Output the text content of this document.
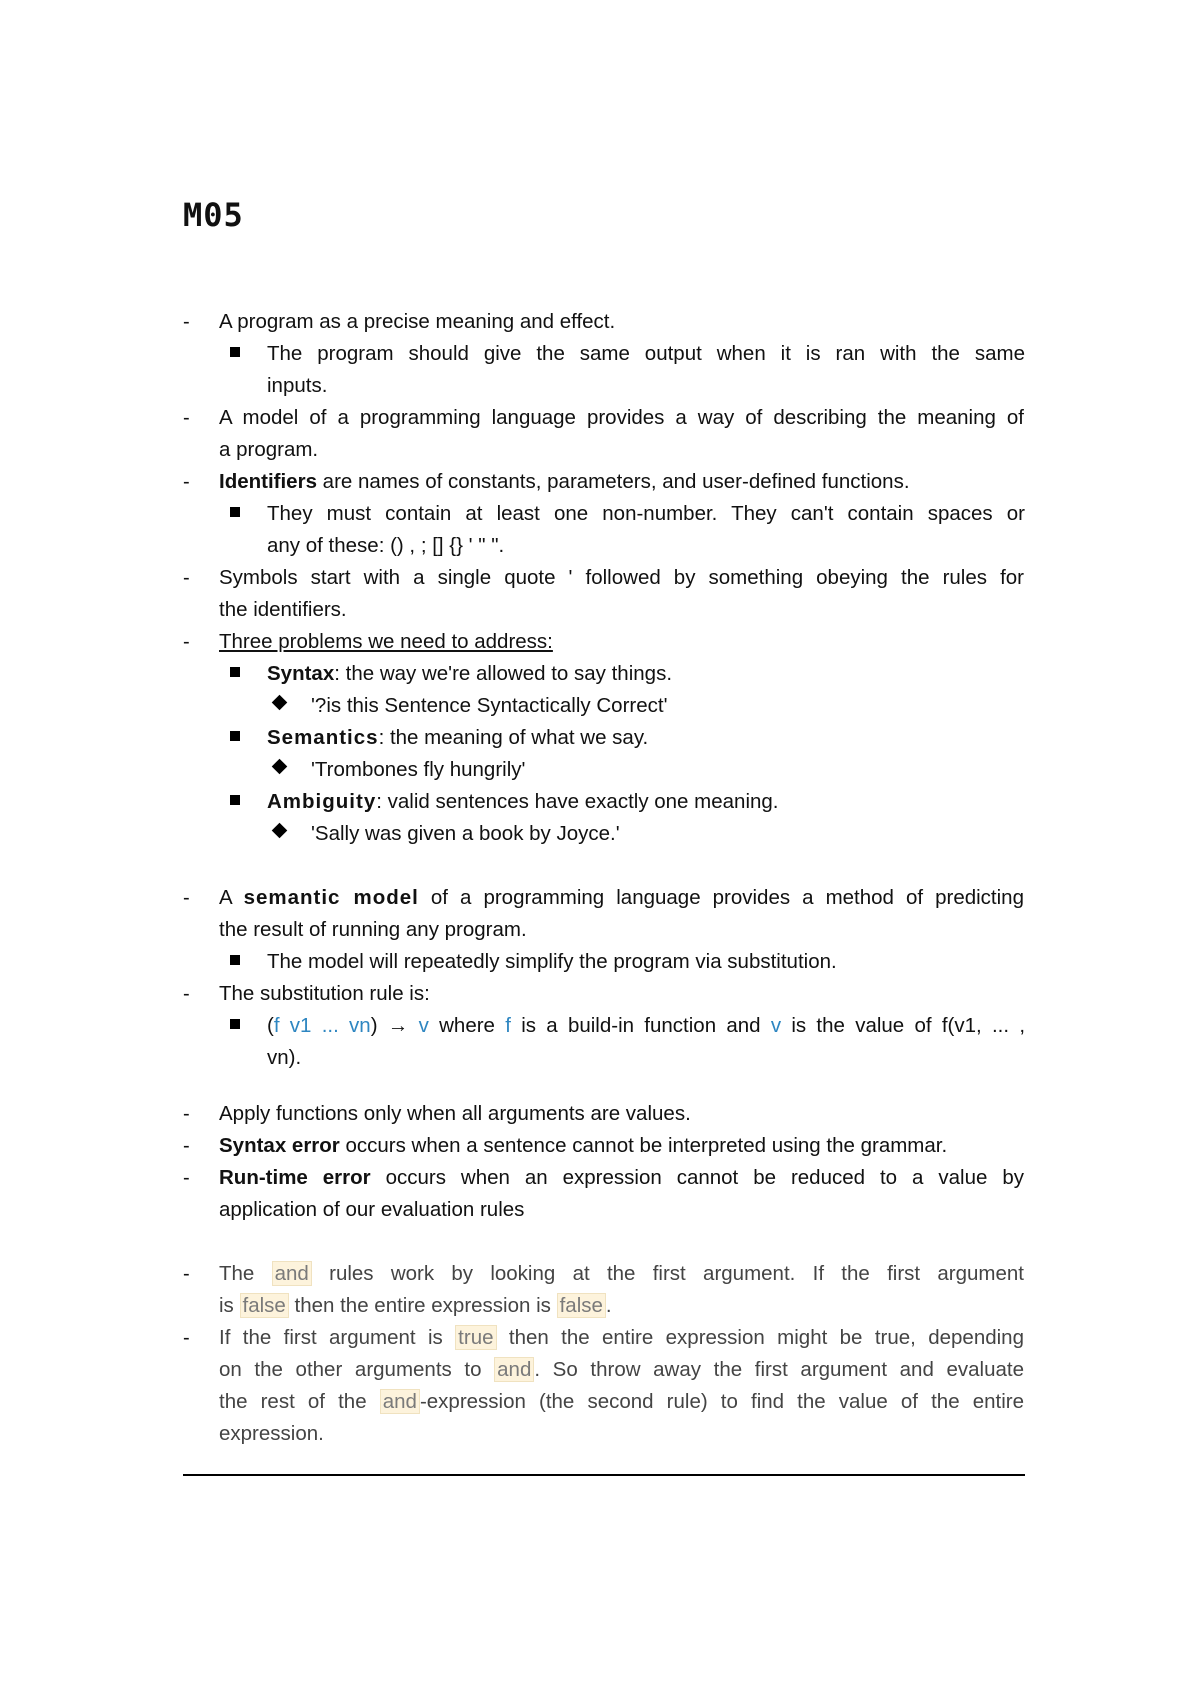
M05
- A program as a precise meaning and effect.
The program should give the same output when it is ran with the same
inputs.
- A model of a programming language provides a way of describing the meaning of
a program.
- Identifiers are names of constants, parameters, and user-defined functions.
They must contain at least one non-number. They can't contain spaces or
any of these: () , ; [] {} ' " ".
- Symbols start with a single quote ' followed by something obeying the rules for
the identifiers.
- Three problems we need to address:
Syntax: the way we're allowed to say things.
'?is this Sentence Syntactically Correct'
Semantics: the meaning of what we say.
'Trombones fly hungrily'
Ambiguity: valid sentences have exactly one meaning.
'Sally was given a book by Joyce.'
- A semantic model of a programming language provides a method of predicting
the result of running any program.
The model will repeatedly simplify the program via substitution.
- The substitution rule is:
(f v1 ... vn) → v where f is a build-in function and v is the value of f(v1, ... ,
vn).
- Apply functions only when all arguments are values.
- Syntax error occurs when a sentence cannot be interpreted using the grammar.
- Run-time error occurs when an expression cannot be reduced to a value by
application of our evaluation rules
- The and rules work by looking at the first argument. If the first argument
is false then the entire expression is false .
- If the first argument is true then the entire expression might be true, depending
on the other arguments to and . So throw away the first argument and evaluate
the rest of the and -expression (the second rule) to find the value of the entire
expression.
